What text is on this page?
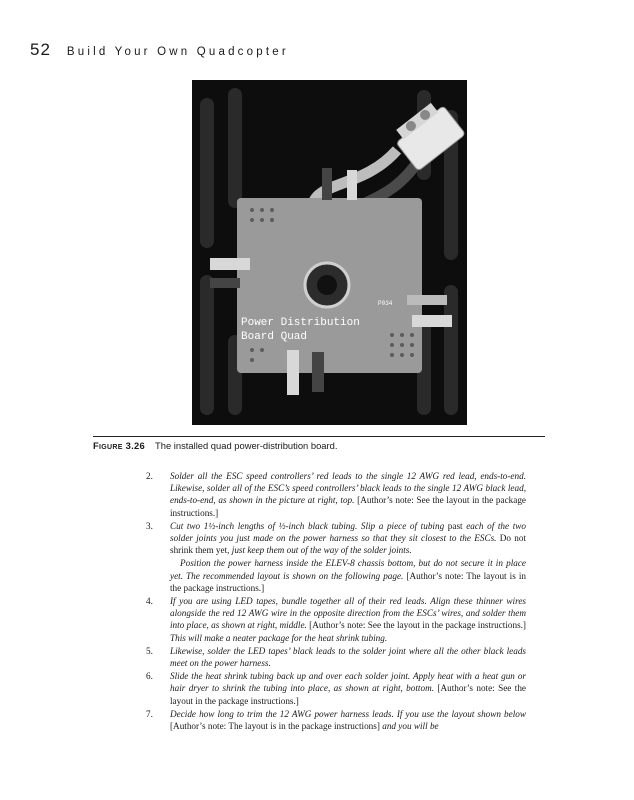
52 Build Your Own Quadcopter
Power Distribution
Board Quad
P034
Figure 3.26 The installed quad power-distribution board.
2. Solder all the ESC speed controllers’ red leads to the single 12 AWG red lead, ends-to-end. Likewise, solder all of the ESC’s speed controllers’ black leads to the single 12 AWG black lead, ends-to-end, as shown in the picture at right, top. [Author’s note: See the layout in the package instructions.]
3. Cut two 1½-inch lengths of ½-inch black tubing. Slip a piece of tubing past each of the two solder joints you just made on the power harness so that they sit closest to the ESCs. Do not shrink them yet, just keep them out of the way of the solder joints.
Position the power harness inside the ELEV-8 chassis bottom, but do not secure it in place yet. The recommended layout is shown on the following page. [Author’s note: The layout is in the package instructions.]
4. If you are using LED tapes, bundle together all of their red leads. Align these thinner wires alongside the red 12 AWG wire in the opposite direction from the ESCs’ wires, and solder them into place, as shown at right, middle. [Author’s note: See the layout in the package instructions.] This will make a neater package for the heat shrink tubing.
5. Likewise, solder the LED tapes’ black leads to the solder joint where all the other black leads meet on the power harness.
6. Slide the heat shrink tubing back up and over each solder joint. Apply heat with a heat gun or hair dryer to shrink the tubing into place, as shown at right, bottom. [Author’s note: See the layout in the package instructions.]
7. Decide how long to trim the 12 AWG power harness leads. If you use the layout shown below [Author’s note: The layout is in the package instructions] and you will be
